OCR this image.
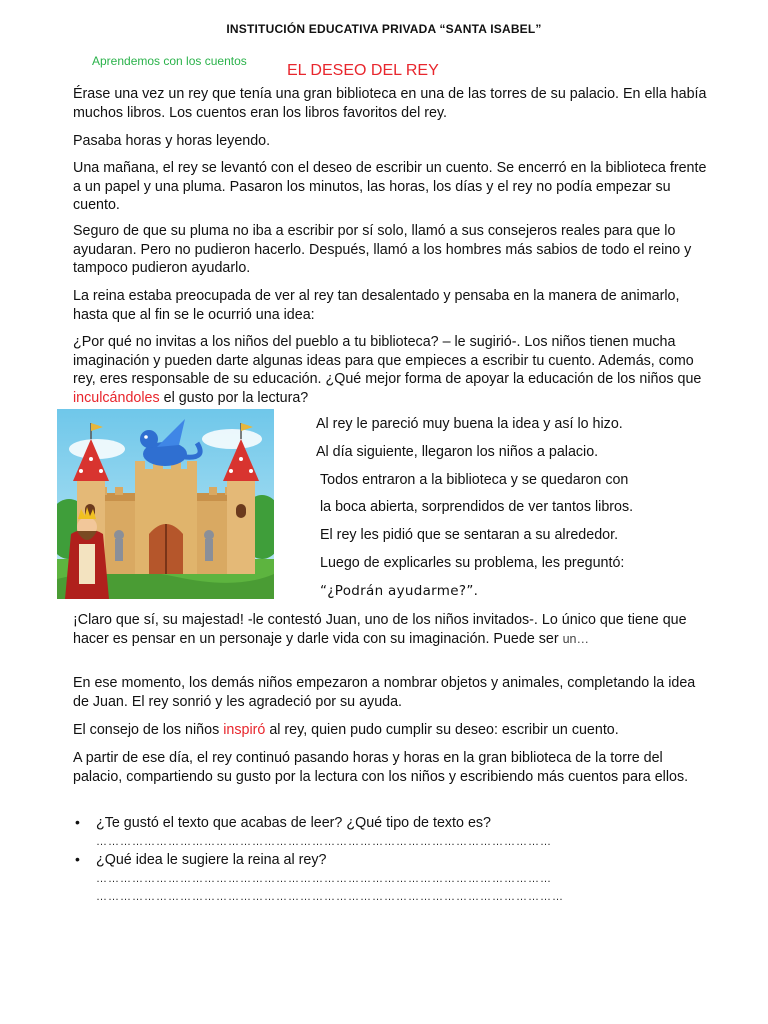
INSTITUCIÓN EDUCATIVA PRIVADA “SANTA ISABEL”
Aprendemos con los cuentos
EL DESEO DEL REY
Érase una vez un rey que tenía una gran biblioteca en una de las torres de su palacio. En ella había muchos libros. Los cuentos eran los libros favoritos del rey.
Pasaba horas y horas leyendo.
Una mañana, el rey se levantó con el deseo de escribir un cuento. Se encerró en la biblioteca frente a un papel y una pluma. Pasaron los minutos, las horas, los días y el rey no podía empezar su cuento.
Seguro de que su pluma no iba a escribir por sí solo, llamó a sus consejeros reales para que lo ayudaran. Pero no pudieron hacerlo. Después, llamó a los hombres más sabios de todo el reino y tampoco pudieron ayudarlo.
La reina estaba preocupada de ver al rey tan desalentado y pensaba en la manera de animarlo, hasta que al fin se le ocurrió una idea:
¿Por qué no invitas a los niños del pueblo a tu biblioteca? – le sugirió-. Los niños tienen mucha imaginación y pueden darte algunas ideas para que empieces a escribir tu cuento. Además, como rey, eres responsable de su educación. ¿Qué mejor forma de apoyar la educación de los niños que inculcándoles el gusto por la lectura?
Al rey le pareció muy buena la idea y así lo hizo.
Al día siguiente, llegaron los niños a palacio.
Todos entraron a la biblioteca y se quedaron con
la boca abierta, sorprendidos de ver tantos libros.
El rey les pidió que se sentaran a su alrededor.
Luego de explicarles su problema, les preguntó:
“¿Podrán ayudarme?”.
¡Claro que sí, su majestad! -le contestó Juan, uno de los niños invitados-. Lo único que tiene que hacer es pensar en un personaje y darle vida con su imaginación. Puede ser un…
En ese momento, los demás niños empezaron a nombrar objetos y animales, completando la idea de Juan. El rey sonrió y les agradeció por su ayuda.
El consejo de los niños inspiró al rey, quien pudo cumplir su deseo: escribir un cuento.
A partir de ese día, el rey continuó pasando horas y horas en la gran biblioteca de la torre del palacio, compartiendo su gusto por la lectura con los niños y escribiendo más cuentos para ellos.
• ¿Te gustó el texto que acabas de leer? ¿Qué tipo de texto es?
……………………………………………………………………………………………………
• ¿Qué idea le sugiere la reina al rey?
……………………………………………………………………………………………………
………………………………………………………………………………………………………
